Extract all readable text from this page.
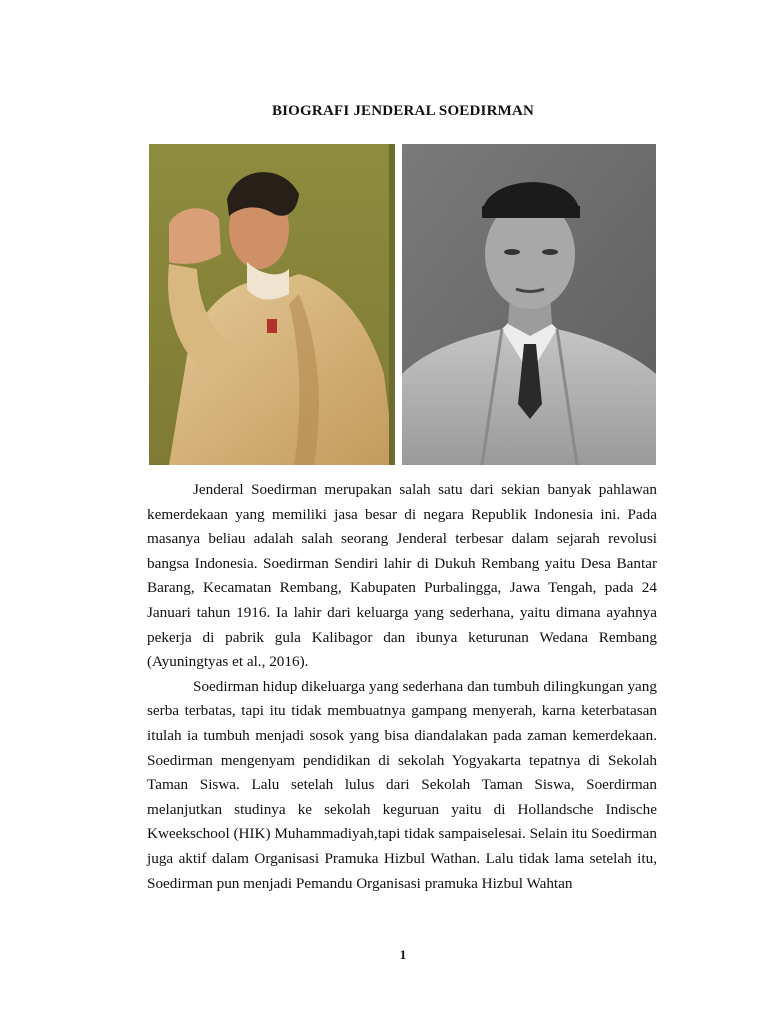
BIOGRAFI JENDERAL SOEDIRMAN

Jenderal Soedirman merupakan salah satu dari sekian banyak pahlawan kemerdekaan yang memiliki jasa besar di negara Republik Indonesia ini. Pada masanya beliau adalah salah seorang Jenderal terbesar dalam sejarah revolusi bangsa Indonesia. Soedirman Sendiri lahir di Dukuh Rembang yaitu Desa Bantar Barang, Kecamatan Rembang, Kabupaten Purbalingga, Jawa Tengah, pada 24 Januari tahun 1916. Ia lahir dari keluarga yang sederhana, yaitu dimana ayahnya pekerja di pabrik gula Kalibagor dan ibunya keturunan Wedana Rembang (Ayuningtyas et al., 2016).

Soedirman hidup dikeluarga yang sederhana dan tumbuh dilingkungan yang serba terbatas, tapi itu tidak membuatnya gampang menyerah, karna keterbatasan itulah ia tumbuh menjadi sosok yang bisa diandalakan pada zaman kemerdekaan. Soedirman mengenyam pendidikan di sekolah Yogyakarta tepatnya di Sekolah Taman Siswa. Lalu setelah lulus dari Sekolah Taman Siswa, Soerdirman melanjutkan studinya ke sekolah keguruan yaitu di Hollandsche Indische Kweekschool (HIK) Muhammadiyah,tapi tidak sampaiselesai. Selain itu Soedirman juga aktif dalam Organisasi Pramuka Hizbul Wathan. Lalu tidak lama setelah itu, Soedirman pun menjadi Pemandu Organisasi pramuka Hizbul Wahtan

1
